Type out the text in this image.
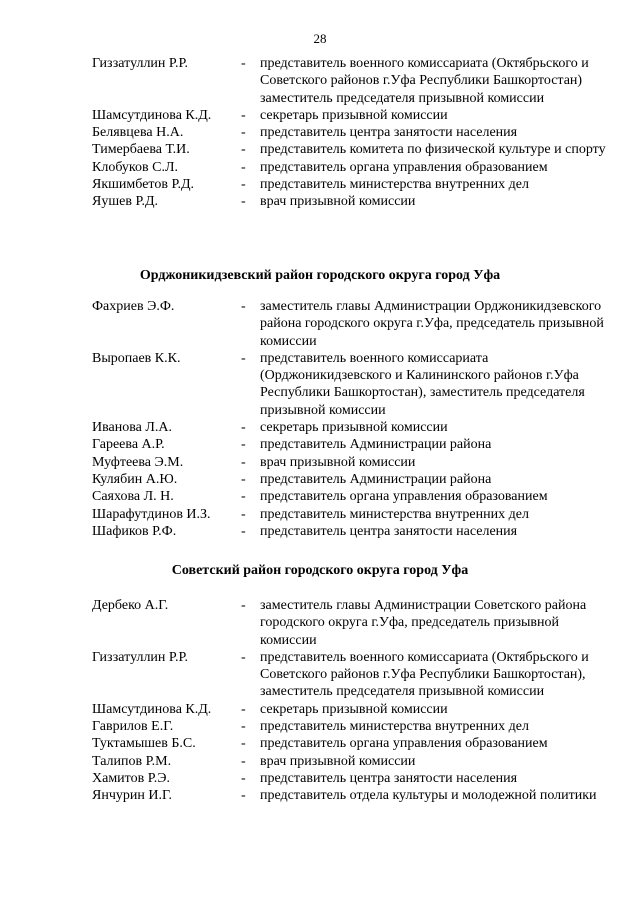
28
Гиззатуллин Р.Р.	- представитель военного комиссариата (Октябрьского и Советского районов г.Уфа Республики Башкортостан) заместитель председателя призывной комиссии
Шамсутдинова К.Д. - секретарь призывной комиссии
Белявцева Н.А.	- представитель центра занятости населения
Тимербаева Т.И.	- представитель комитета по физической культуре и спорту
Клобуков С.Л.	- представитель органа управления образованием
Якшимбетов Р.Д.	- представитель министерства внутренних дел
Яушев Р.Д.	- врач призывной комиссии
Орджоникидзевский район городского округа город Уфа
Фахриев Э.Ф.	- заместитель главы Администрации Орджоникидзевского района городского округа г.Уфа, председатель призывной комиссии
Выропаев К.К.	- представитель военного комиссариата (Орджоникидзевского и Калининского районов г.Уфа Республики Башкортостан), заместитель председателя призывной комиссии
Иванова Л.А.	- секретарь призывной комиссии
Гареева А.Р.	- представитель Администрации района
Муфтеева Э.М.	- врач призывной комиссии
Кулябин А.Ю.	- представитель Администрации района
Саяхова Л. Н.	- представитель органа управления образованием
Шарафутдинов И.З. - представитель министерства внутренних дел
Шафиков Р.Ф.	- представитель центра занятости населения
Советский район городского округа город Уфа
Дербеко А.Г.	- заместитель главы Администрации Советского района городского округа г.Уфа, председатель призывной комиссии
Гиззатуллин Р.Р.	- представитель военного комиссариата (Октябрьского и Советского районов г.Уфа Республики Башкортостан), заместитель председателя призывной комиссии
Шамсутдинова К.Д. - секретарь призывной комиссии
Гаврилов Е.Г.	- представитель министерства внутренних дел
Туктамышев Б.С.	- представитель органа управления образованием
Талипов Р.М.	- врач призывной комиссии
Хамитов Р.Э.	- представитель центра занятости населения
Янчурин И.Г.	- представитель отдела культуры и молодежной политики
